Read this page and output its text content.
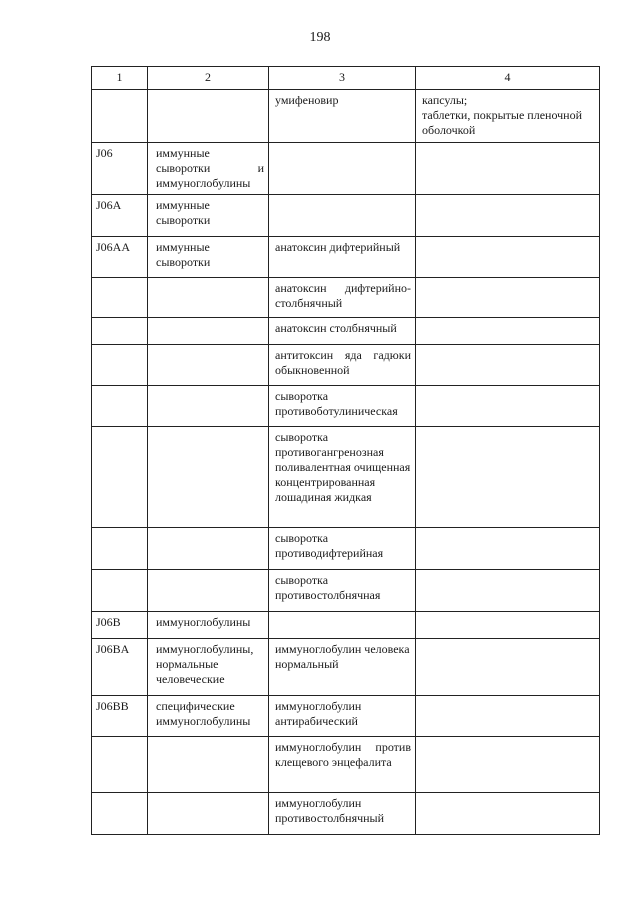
198
1	2	3	4
		умифеновир	капсулы;
таблетки, покрытые пленочной оболочкой

J06	иммунные сыворотки и иммуноглобулины		
J06A	иммунные сыворотки		
J06AA	иммунные сыворотки	анатоксин дифтерийный	
		анатоксин дифтерийно-столбнячный	
		анатоксин столбнячный	
		антитоксин яда гадюки обыкновенной	
		сыворотка противоботулиническая	
		сыворотка противогангренозная поливалентная очищенная концентрированная лошадиная жидкая	
		сыворотка противодифтерийная	
		сыворотка противостолбнячная	
J06B	иммуноглобулины		
J06BA	иммуноглобулины, нормальные человеческие	иммуноглобулин человека нормальный	
J06BB	специфические иммуноглобулины	иммуноглобулин антирабический	
		иммуноглобулин против клещевого энцефалита	
		иммуноглобулин противостолбнячный	
